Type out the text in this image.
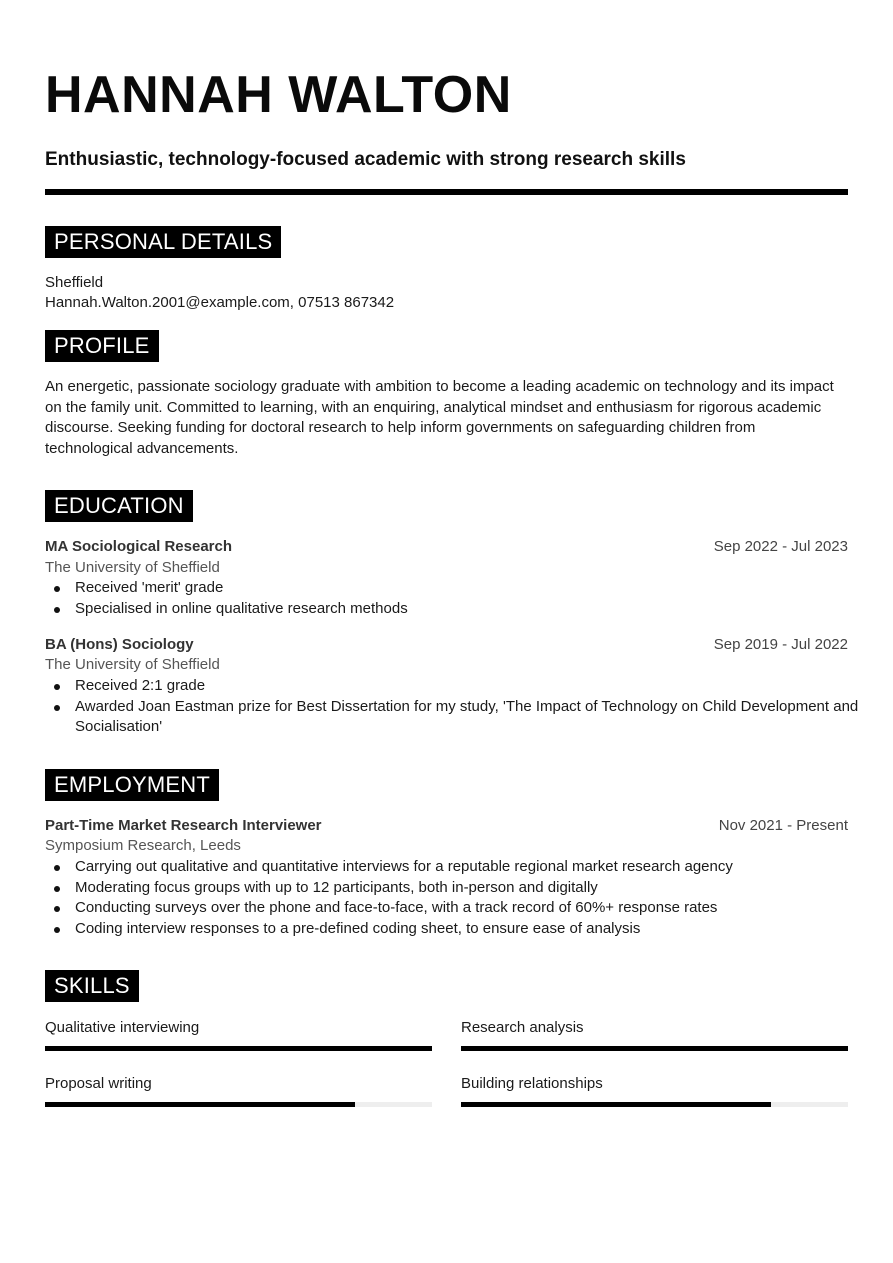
HANNAH WALTON
Enthusiastic, technology-focused academic with strong research skills
PERSONAL DETAILS
Sheffield
Hannah.Walton.2001@example.com, 07513 867342
PROFILE
An energetic, passionate sociology graduate with ambition to become a leading academic on technology and its impact on the family unit. Committed to learning, with an enquiring, analytical mindset and enthusiasm for rigorous academic discourse. Seeking funding for doctoral research to help inform governments on safeguarding children from technological advancements.
EDUCATION
MA Sociological Research	Sep 2022 - Jul 2023
The University of Sheffield
Received 'merit' grade
Specialised in online qualitative research methods
BA (Hons) Sociology	Sep 2019 - Jul 2022
The University of Sheffield
Received 2:1 grade
Awarded Joan Eastman prize for Best Dissertation for my study, 'The Impact of Technology on Child Development and Socialisation'
EMPLOYMENT
Part-Time Market Research Interviewer	Nov 2021 - Present
Symposium Research, Leeds
Carrying out qualitative and quantitative interviews for a reputable regional market research agency
Moderating focus groups with up to 12 participants, both in-person and digitally
Conducting surveys over the phone and face-to-face, with a track record of 60%+ response rates
Coding interview responses to a pre-defined coding sheet, to ensure ease of analysis
SKILLS
Qualitative interviewing	Research analysis
Proposal writing	Building relationships
